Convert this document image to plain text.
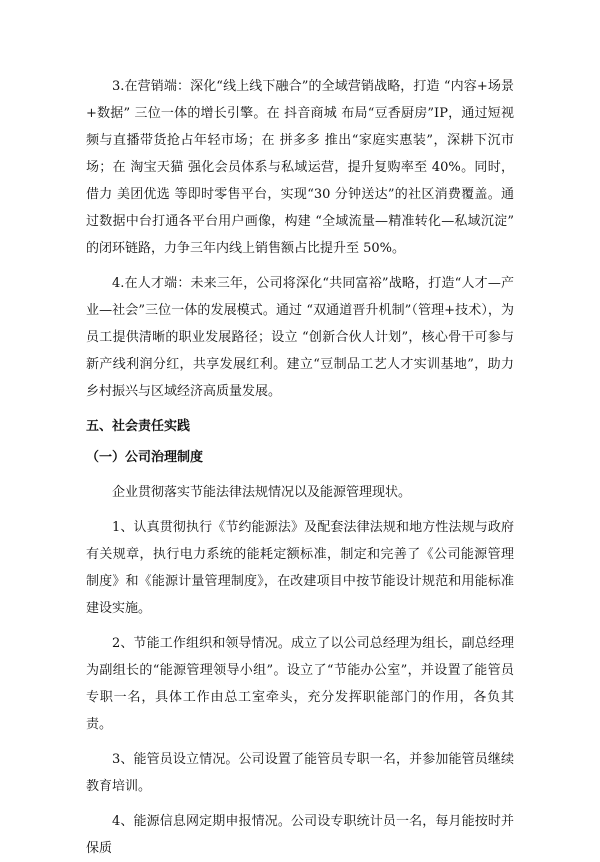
3.在营销端：深化“线上线下融合”的全域营销战略，打造 “内容+场景+数据” 三位一体的增长引擎。在 抖音商城 布局“豆香厨房”IP，通过短视频与直播带货抢占年轻市场；在 拼多多 推出“家庭实惠装”，深耕下沉市场；在 淘宝天猫 强化会员体系与私域运营，提升复购率至 40%。同时，借力 美团优选 等即时零售平台，实现“30 分钟送达”的社区消费覆盖。通过数据中台打通各平台用户画像，构建 “全域流量—精准转化—私域沉淀” 的闭环链路，力争三年内线上销售额占比提升至 50%。

4.在人才端：未来三年，公司将深化“共同富裕”战略，打造“人才—产业—社会”三位一体的发展模式。通过 “双通道晋升机制”（管理+技术），为员工提供清晰的职业发展路径；设立 “创新合伙人计划”，核心骨干可参与新产线利润分红，共享发展红利。建立“豆制品工艺人才实训基地”，助力乡村振兴与区域经济高质量发展。

五、社会责任实践
（一）公司治理制度

企业贯彻落实节能法律法规情况以及能源管理现状。

1、认真贯彻执行《节约能源法》及配套法律法规和地方性法规与政府有关规章，执行电力系统的能耗定额标准，制定和完善了《公司能源管理制度》和《能源计量管理制度》，在改建项目中按节能设计规范和用能标准建设实施。

2、节能工作组织和领导情况。成立了以公司总经理为组长，副总经理为副组长的“能源管理领导小组”。设立了“节能办公室”，并设置了能管员专职一名，具体工作由总工室牵头，充分发挥职能部门的作用，各负其责。

3、能管员设立情况。公司设置了能管员专职一名，并参加能管员继续教育培训。

4、能源信息网定期申报情况。公司设专职统计员一名，每月能按时并保质
